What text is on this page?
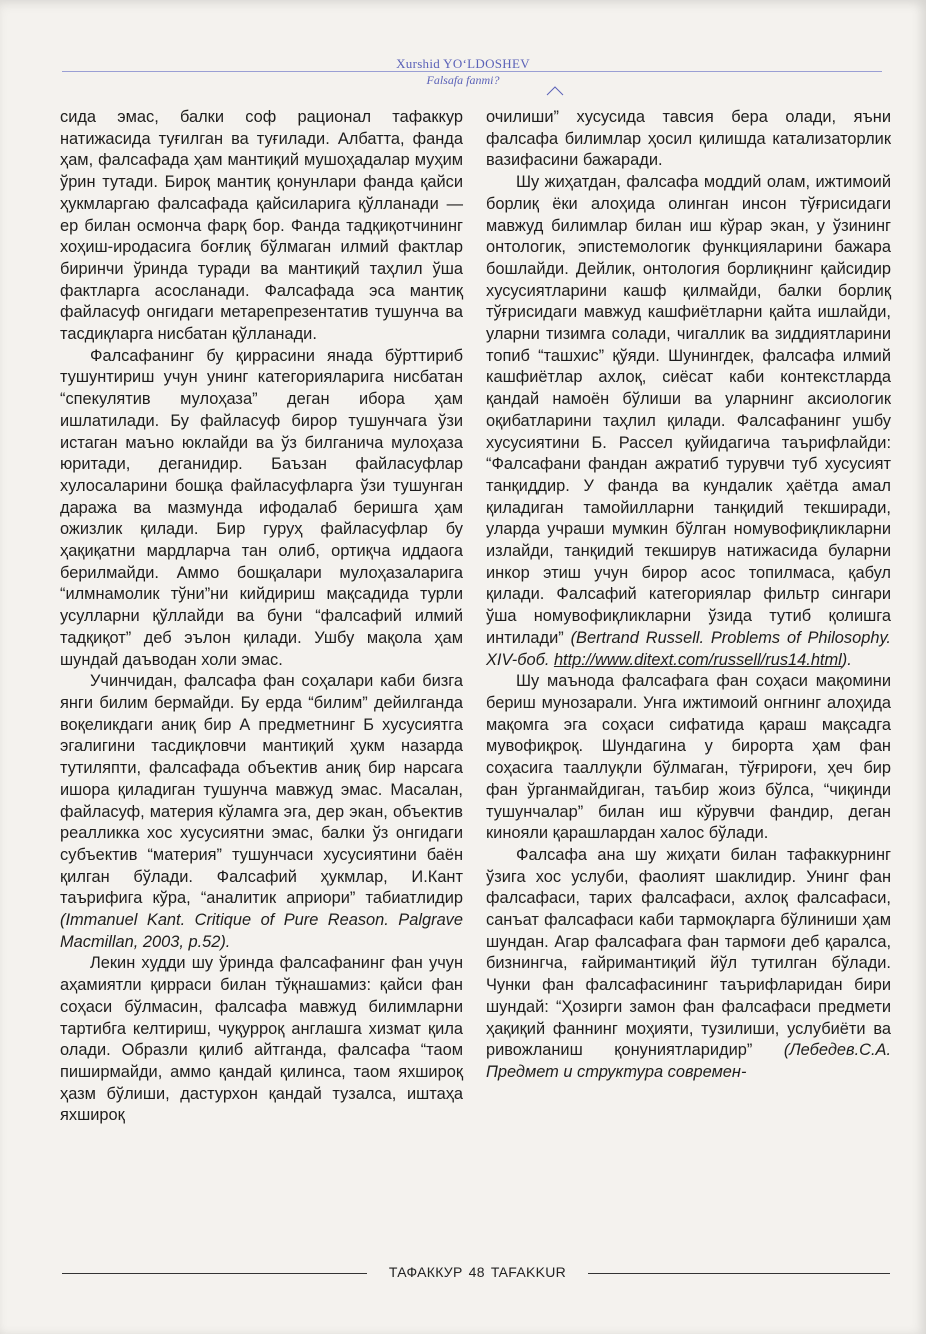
Xurshid YO‘LDOSHEV
Falsafa fanmi?

сида эмас, балки соф рационал тафаккур натижасида туғилган ва туғилади. Албатта, фанда ҳам, фалсафада ҳам мантиқий мушоҳадалар муҳим ўрин тутади. Бироқ мантиқ қонунлари фанда қайси ҳукмларгаю фалсафада қайсиларига қўлланади — ер билан осмонча фарқ бор. Фанда тадқиқотчининг хоҳиш-иродасига боғлиқ бўлмаган илмий фактлар биринчи ўринда туради ва мантиқий таҳлил ўша фактларга асосланади. Фалсафада эса мантиқ файласуф онгидаги метарепрезентатив тушунча ва тасдиқларга нисбатан қўлланади.

Фалсафанинг бу қиррасини янада бўрттириб тушунтириш учун унинг категорияларига нисбатан “спекулятив мулоҳаза” деган ибора ҳам ишлатилади. Бу файласуф бирор тушунчага ўзи истаган маъно юклайди ва ўз билганича мулоҳаза юритади, деганидир. Баъзан файласуфлар хулосаларини бошқа файласуфларга ўзи тушунган даража ва мазмунда ифодалаб беришга ҳам ожизлик қилади. Бир гуруҳ файласуфлар бу ҳақиқатни мардларча тан олиб, ортиқча иддаога берилмайди. Аммо бошқалари мулоҳазаларига “илмнамолик тўни”ни кийдириш мақсадида турли усулларни қўллайди ва буни “фалсафий илмий тадқиқот” деб эълон қилади. Ушбу мақола ҳам шундай даъводан холи эмас.

Учинчидан, фалсафа фан соҳалари каби бизга янги билим бермайди. Бу ерда “билим” дейилганда воқеликдаги аниқ бир А предметнинг Б хусусиятга эгалигини тасдиқловчи мантиқий ҳукм назарда тутиляпти, фалсафада объектив аниқ бир нарсага ишора қиладиган тушунча мавжуд эмас. Масалан, файласуф, материя кўламга эга, дер экан, объектив реалликка хос хусусиятни эмас, балки ўз онгидаги субъектив “материя” тушунчаси хусусиятини баён қилган бўлади. Фалсафий ҳукмлар, И.Кант таърифига кўра, “аналитик априори” табиатлидир (Immanuel Kant. Critique of Pure Reason. Palgrave Macmillan, 2003, p.52).

Лекин худди шу ўринда фалсафанинг фан учун аҳамиятли қирраси билан тўқнашамиз: қайси фан соҳаси бўлмасин, фалсафа мавжуд билимларни тартибга келтириш, чуқурроқ англашга хизмат қила олади. Образли қилиб айтганда, фалсафа “таом пиширмайди, аммо қандай қилинса, таом яхшироқ ҳазм бўлиши, дастурхон қандай тузалса, иштаҳа яхшироқ

очилиши” хусусида тавсия бера олади, яъни фалсафа билимлар ҳосил қилишда катализаторлик вазифасини бажаради.

Шу жиҳатдан, фалсафа моддий олам, ижтимоий борлиқ ёки алоҳида олинган инсон тўғрисидаги мавжуд билимлар билан иш кўрар экан, у ўзининг онтологик, эпистемологик функцияларини бажара бошлайди. Дейлик, онтология борлиқнинг қайсидир хусусиятларини кашф қилмайди, балки борлиқ тўғрисидаги мавжуд кашфиётларни қайта ишлайди, уларни тизимга солади, чигаллик ва зиддиятларини топиб “ташхис” қўяди. Шунингдек, фалсафа илмий кашфиётлар ахлоқ, сиёсат каби контекстларда қандай намоён бўлиши ва уларнинг аксиологик оқибатларини таҳлил қилади. Фалсафанинг ушбу хусусиятини Б. Рассел қуйидагича таърифлайди: “Фалсафани фандан ажратиб турувчи туб хусусият танқиддир. У фанда ва кундалик ҳаётда амал қиладиган тамойилларни танқидий текширади, уларда учраши мумкин бўлган номувофиқликларни излайди, танқидий текширув натижасида буларни инкор этиш учун бирор асос топилмаса, қабул қилади. Фалсафий категориялар фильтр сингари ўша номувофиқликларни ўзида тутиб қолишга интилади” (Bertrand Russell. Problems of Philosophy. XIV-боб. http://www.ditext.com/russell/rus14.html).

Шу маънода фалсафага фан соҳаси мақомини бериш мунозарали. Унга ижтимоий онгнинг алоҳида мақомга эга соҳаси сифатида қараш мақсадга мувофиқроқ. Шундагина у бирорта ҳам фан соҳасига тааллуқли бўлмаган, тўғрироғи, ҳеч бир фан ўрганмайдиган, таъбир жоиз бўлса, “чиқинди тушунчалар” билан иш кўрувчи фандир, деган кинояли қарашлардан халос бўлади.

Фалсафа ана шу жиҳати билан тафаккурнинг ўзига хос услуби, фаолият шаклидир. Унинг фан фалсафаси, тарих фалсафаси, ахлоқ фалсафаси, санъат фалсафаси каби тармоқларга бўлиниши ҳам шундан. Агар фалсафага фан тармоғи деб қаралса, бизнингча, ғайримантиқий йўл тутилган бўлади. Чунки фан фалсафасининг таърифларидан бири шундай: “Ҳозирги замон фан фалсафаси предмети ҳақиқий фаннинг моҳияти, тузилиши, услубиёти ва ривожланиш қонуниятларидир” (Лебедев.С.А. Предмет и структура современ-

ТАФАККУР 48 TAFAKKUR
